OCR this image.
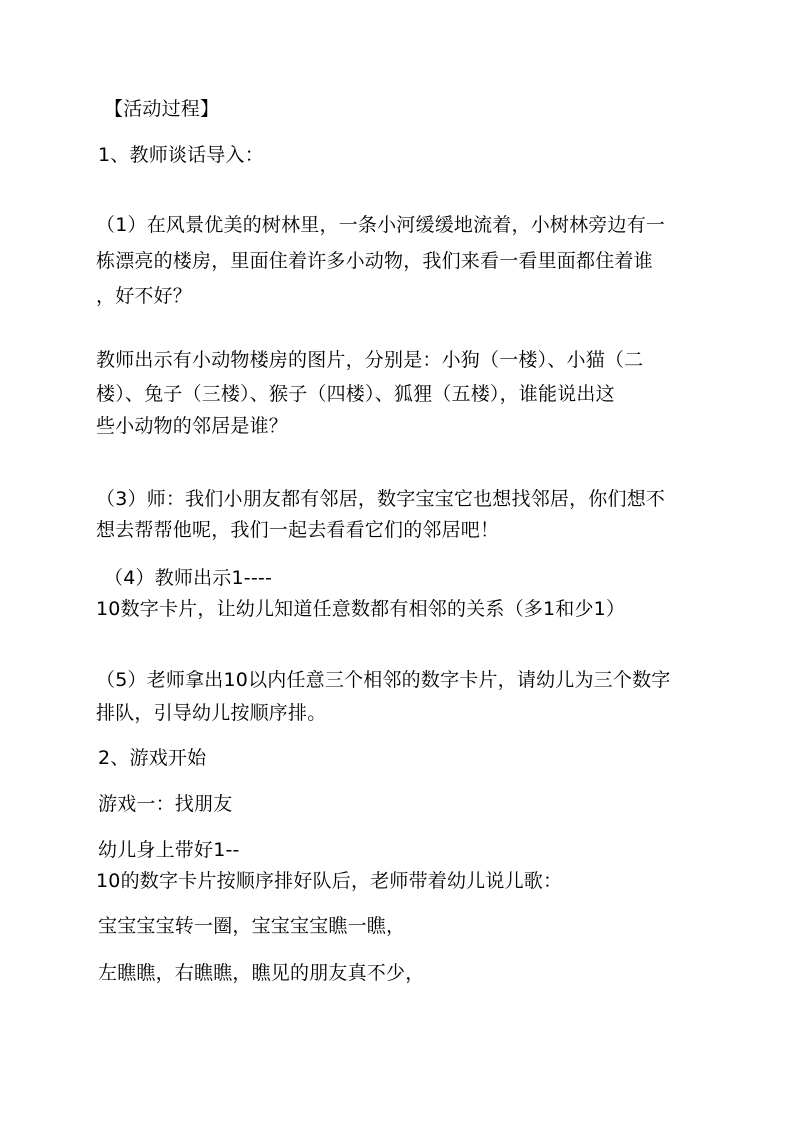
【活动过程】
1、教师谈话导入：
（1）在风景优美的树林里，一条小河缓缓地流着，小树林旁边有一
栋漂亮的楼房，里面住着许多小动物，我们来看一看里面都住着谁
，好不好？
教师出示有小动物楼房的图片，分别是：小狗（一楼）、小猫（二
楼）、兔子（三楼）、猴子（四楼）、狐狸（五楼），谁能说出这
些小动物的邻居是谁？
（3）师：我们小朋友都有邻居，数字宝宝它也想找邻居，你们想不
想去帮帮他呢，我们一起去看看它们的邻居吧！
（4）教师出示1----
10数字卡片，让幼儿知道任意数都有相邻的关系（多1和少1）
（5）老师拿出10以内任意三个相邻的数字卡片，请幼儿为三个数字
排队，引导幼儿按顺序排。
2、游戏开始
游戏一：找朋友
幼儿身上带好1--
10的数字卡片按顺序排好队后，老师带着幼儿说儿歌：
宝宝宝宝转一圈，宝宝宝宝瞧一瞧，
左瞧瞧，右瞧瞧，瞧见的朋友真不少，
